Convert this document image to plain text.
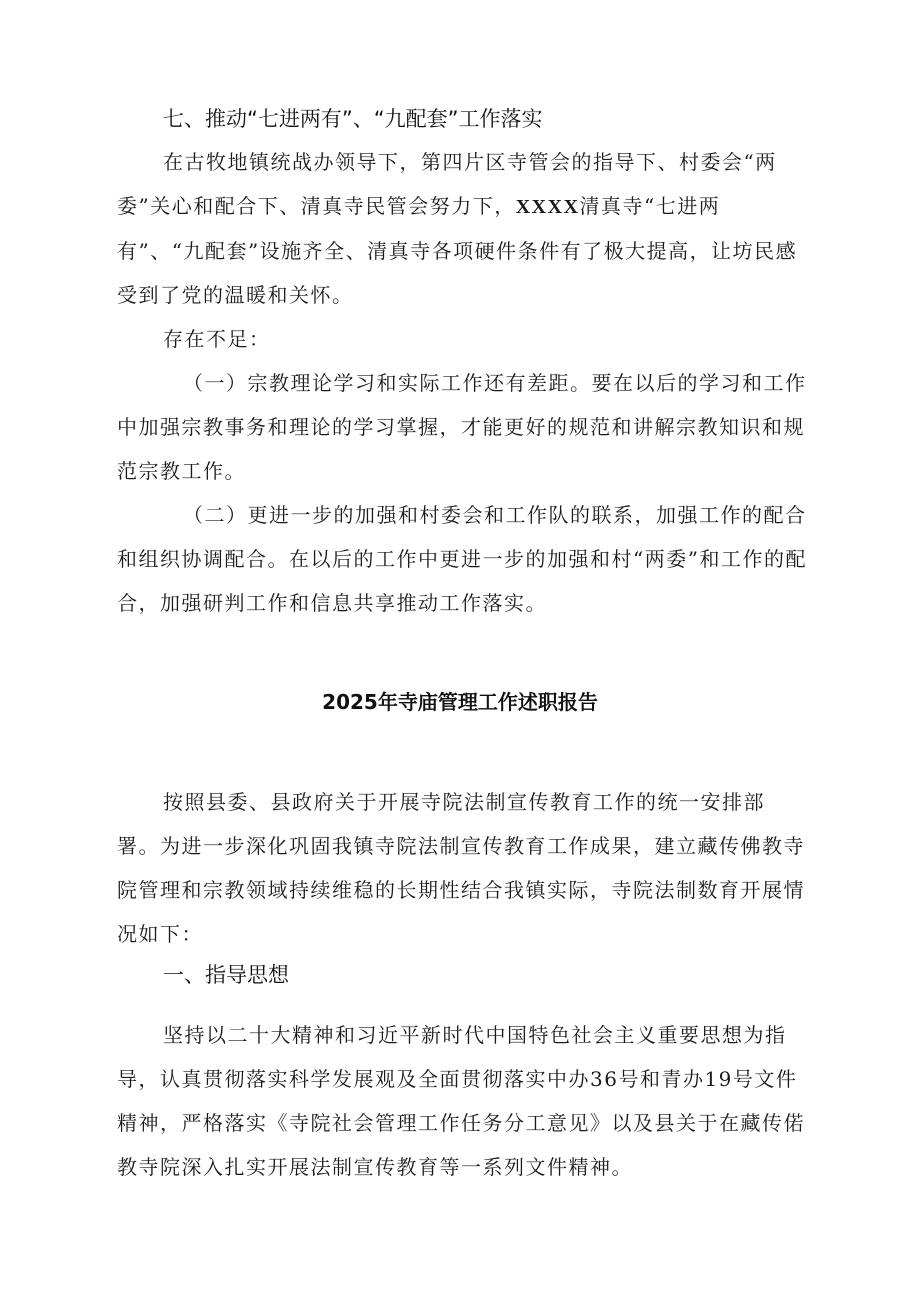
七、推动“七进两有”、“九配套”工作落实
在古牧地镇统战办领导下，第四片区寺管会的指导下、村委会“两委”关心和配合下、清真寺民管会努力下，XXXX清真寺“七进两有”、“九配套”设施齐全、清真寺各项硬件条件有了极大提高，让坊民感受到了党的温暖和关怀。
存在不足：
（一）宗教理论学习和实际工作还有差距。要在以后的学习和工作中加强宗教事务和理论的学习掌握，才能更好的规范和讲解宗教知识和规范宗教工作。
（二）更进一步的加强和村委会和工作队的联系，加强工作的配合和组织协调配合。在以后的工作中更进一步的加强和村“两委”和工作的配合，加强研判工作和信息共享推动工作落实。
2025年寺庙管理工作述职报告
按照县委、县政府关于开展寺院法制宣传教育工作的统一安排部署。为进一步深化巩固我镇寺院法制宣传教育工作成果，建立藏传佛教寺院管理和宗教领域持续维稳的长期性结合我镇实际，寺院法制数育开展情况如下：
一、指导思想
坚持以二十大精神和习近平新时代中国特色社会主义重要思想为指导，认真贯彻落实科学发展观及全面贯彻落实中办36号和青办19号文件精神，严格落实《寺院社会管理工作任务分工意见》以及县关于在藏传偌教寺院深入扎实开展法制宣传教育等一系列文件精神。
